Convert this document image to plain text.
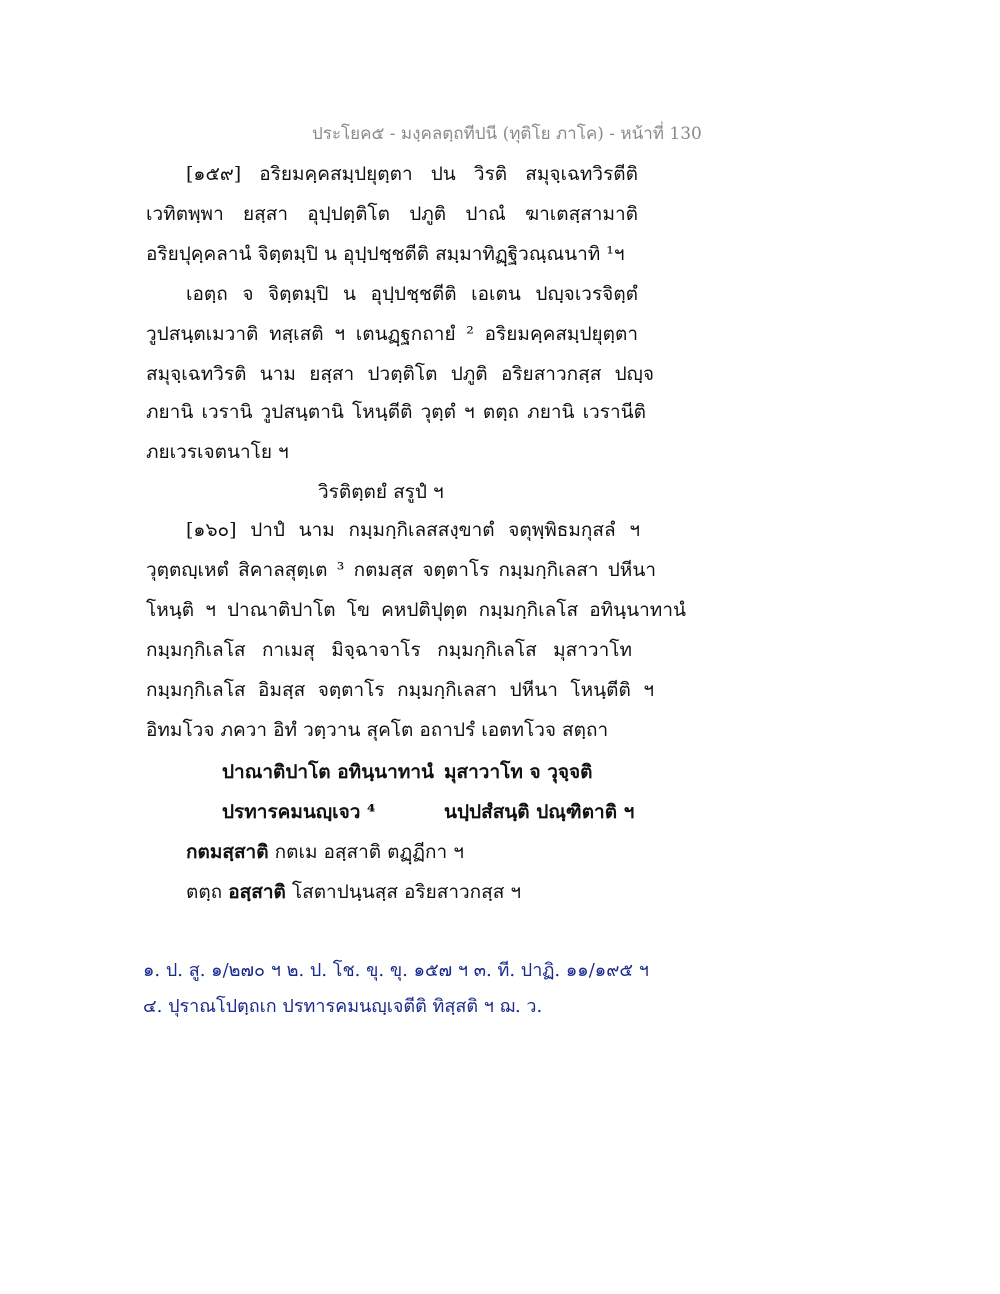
ประโยค๕ - มงฺคลตฺถทีปนี (ทุติโย ภาโค) - หน้าที่ 130
[๑๕๙] อริยมคฺคสมฺปยุตฺตา ปน วิรติ สมุจฺเฉทวิรตีติ
เวทิตพฺพา ยสฺสา อุปฺปตฺติโต ปภูติ ปาณํ ฆาเตสฺสามาติ
อริยปุคฺคลานํ จิตฺตมฺปิ น อุปฺปชฺชตีติ สมฺมาทิฏฺฐิวณฺณนาทิ ¹ฯ
เอตฺถ จ จิตฺตมฺปิ น อุปฺปชฺชตีติ เอเตน ปญฺจเวรจิตฺตํ
วูปสนฺตเมวาติ ทสฺเสติ ฯ เตนฏฺฐกถายํ ² อริยมคฺคสมฺปยุตฺตา
สมุจฺเฉทวิรติ นาม ยสฺสา ปวตฺติโต ปภูติ อริยสาวกสฺส ปญฺจ
ภยานิ เวรานิ วูปสนฺตานิ โหนฺตีติ วุตฺตํ ฯ ตตฺถ ภยานิ เวรานีติ
ภยเวรเจตนาโย ฯ
วิรติตฺตยํ สรูปํ ฯ
[๑๖๐] ปาปํ นาม กมฺมกฺกิเลสสงฺขาตํ จตุพฺพิธมกุสลํ ฯ
วุตฺตญฺเหตํ สิคาลสุตฺเต ³ กตมสฺส จตฺตาโร กมฺมกฺกิเลสา ปหีนา
โหนฺติ ฯ ปาณาติปาโต โข คหปติปุตฺต กมฺมกฺกิเลโส อทินฺนาทานํ
กมฺมกฺกิเลโส กาเมสุ มิจฺฉาจาโร กมฺมกฺกิเลโส มุสาวาโท
กมฺมกฺกิเลโส อิมสฺส จตฺตาโร กมฺมกฺกิเลสา ปหีนา โหนฺตีติ ฯ
อิทมโวจ ภควา อิทํ วตฺวาน สุคโต อถาปรํ เอตทโวจ สตฺถา
ปาณาติปาโต อทินฺนาทานํ มุสาวาโท จ วุจฺจติ
ปรทารคมนญฺเจว ⁴	นปฺปสํสนฺติ ปณฺฑิตาติ ฯ
กตมสฺสาติ กตเม อสฺสาติ ตฏฺฏีกา ฯ
ตตฺถ อสฺสาติ โสตาปนฺนสฺส อริยสาวกสฺส ฯ
๑. ป. สู. ๑/๒๗๐ ฯ ๒. ป. โช. ขุ. ขุ. ๑๕๗ ฯ ๓. ที. ปาฏิ. ๑๑/๑๙๕ ฯ
๔. ปุราณโปตฺถเก ปรทารคมนญฺเจตีติ ทิสฺสติ ฯ ฌ. ว.
